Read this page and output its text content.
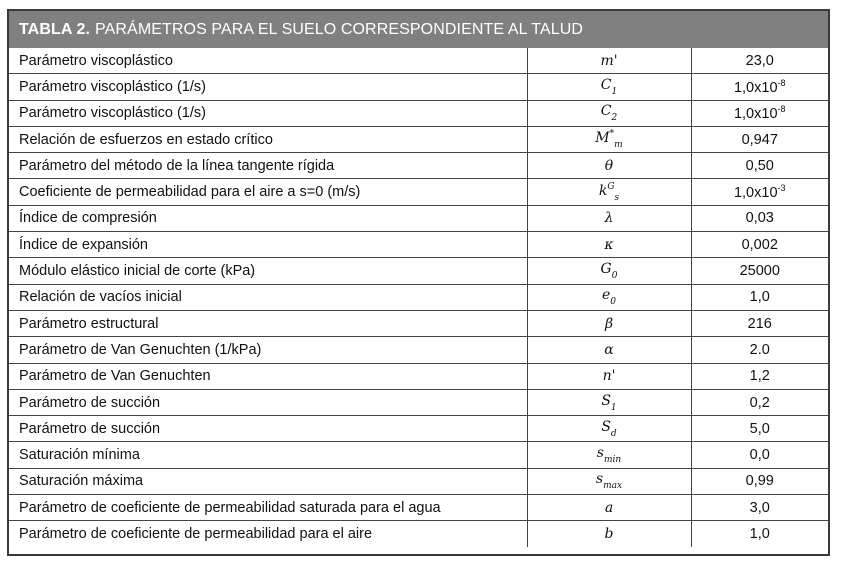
TABLA 2. PARÁMETROS PARA EL SUELO CORRESPONDIENTE AL TALUD
Parámetro viscoplástico	m'	23,0
Parámetro viscoplástico (1/s)	$C_1$	$1,0x10^{-8}$
Parámetro viscoplástico (1/s)	$C_2$	$1,0x10^{-8}$
Relación de esfuerzos en estado crítico	$M^*_m$	0,947
Parámetro del método de la línea tangente rígida	θ	0,50
Coeficiente de permeabilidad para el aire a s=0 (m/s)	$k^G_s$	$1,0x10^{-3}$
Índice de compresión	λ	0,03
Índice de expansión	κ	0,002
Módulo elástico inicial de corte (kPa)	$G_0$	25000
Relación de vacíos inicial	$e_0$	1,0
Parámetro estructural	β	216
Parámetro de Van Genuchten (1/kPa)	α	2.0
Parámetro de Van Genuchten	n'	1,2
Parámetro de succión	$S_1$	0,2
Parámetro de succión	$S_d$	5,0
Saturación mínima	$s_{min}$	0,0
Saturación máxima	$s_{max}$	0,99
Parámetro de coeficiente de permeabilidad saturada para el agua	a	3,0
Parámetro de coeficiente de permeabilidad para el aire	b	1,0
